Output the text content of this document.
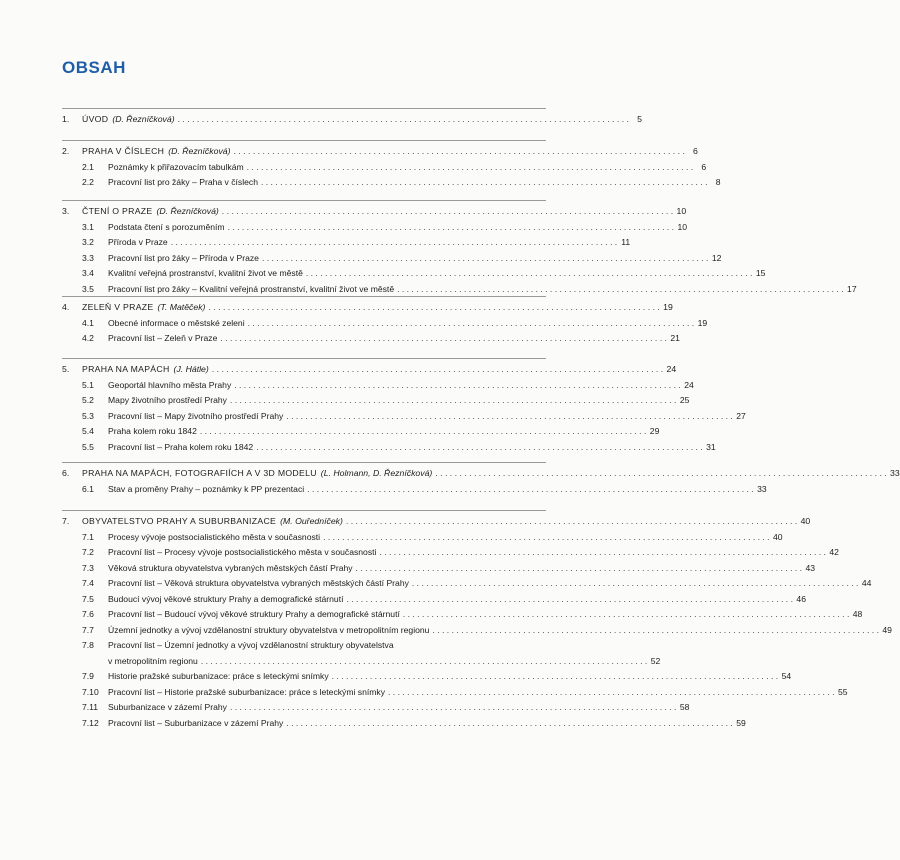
OBSAH
1.	ÚVOD (D. Řezníčková) . . .	5
2.	PRAHA V ČÍSLECH (D. Řezníčková) . . .	6
2.1	Poznámky k přiřazovacím tabulkám . . .	6
2.2	Pracovní list pro žáky – Praha v číslech . . .	8
3.	ČTENÍ O PRAZE (D. Řezníčková) . . .	10
3.1	Podstata čtení s porozuměním . . .	10
3.2	Příroda v Praze . . .	11
3.3	Pracovní list pro žáky – Příroda v Praze . . .	12
3.4	Kvalitní veřejná prostranství, kvalitní život ve městě . . .	15
3.5	Pracovní list pro žáky – Kvalitní veřejná prostranství, kvalitní život ve městě . . .	17
4.	ZELEŇ V PRAZE (T. Matěček) . . .	19
4.1	Obecné informace o městské zeleni . . .	19
4.2	Pracovní list – Zeleň v Praze . . .	21
5.	PRAHA NA MAPÁCH (J. Hátle) . . .	24
5.1	Geoportál hlavního města Prahy . . .	24
5.2	Mapy životního prostředí Prahy . . .	25
5.3	Pracovní list – Mapy životního prostředí Prahy . . .	27
5.4	Praha kolem roku 1842 . . .	29
5.5	Pracovní list – Praha kolem roku 1842 . . .	31
6.	PRAHA NA MAPÁCH, FOTOGRAFIÍCH A V 3D MODELU (L. Holmann, D. Řezníčková) . . .	33
6.1	Stav a proměny Prahy – poznámky k PP prezentaci . . .	33
7.	OBYVATELSTVO PRAHY A SUBURBANIZACE (M. Ouředníček) . . .	40
7.1	Procesy vývoje postsocialistického města v současnosti . . .	40
7.2	Pracovní list – Procesy vývoje postsocialistického města v současnosti . . .	42
7.3	Věková struktura obyvatelstva vybraných městských částí Prahy . . .	43
7.4	Pracovní list – Věková struktura obyvatelstva vybraných městských částí Prahy . . .	44
7.5	Budoucí vývoj věkové struktury Prahy a demografické stárnutí . . .	46
7.6	Pracovní list – Budoucí vývoj věkové struktury Prahy a demografické stárnutí . . .	48
7.7	Územní jednotky a vývoj vzdělanostní struktury obyvatelstva v metropolitním regionu . . .	49
7.8	Pracovní list – Územní jednotky a vývoj vzdělanostní struktury obyvatelstva
v metropolitním regionu . . .	52
7.9	Historie pražské suburbanizace: práce s leteckými snímky . . .	54
7.10	Pracovní list – Historie pražské suburbanizace: práce s leteckými snímky . . .	55
7.11	Suburbanizace v zázemí Prahy . . .	58
7.12	Pracovní list – Suburbanizace v zázemí Prahy . . .	59
